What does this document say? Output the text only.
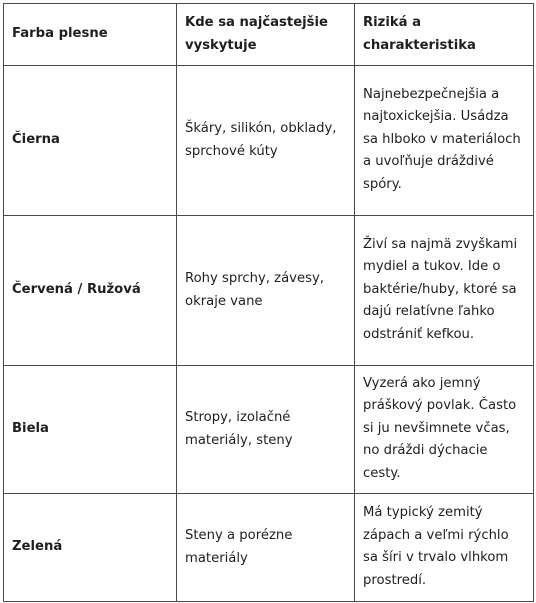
Farba plesne	Kde sa najčastejšie vyskytuje	Riziká a charakteristika
Čierna	Škáry, silikón, obklady, sprchové kúty	Najnebezpečnejšia a najtoxickejšia. Usádza sa hlboko v materiáloch a uvoľňuje dráždivé spóry.
Červená / Ružová	Rohy sprchy, závesy, okraje vane	Živí sa najmä zvyškami mydiel a tukov. Ide o baktérie/huby, ktoré sa dajú relatívne ľahko odstrániť kefkou.
Biela	Stropy, izolačné materiály, steny	Vyzerá ako jemný práškový povlak. Často si ju nevšimnete včas, no dráždi dýchacie cesty.
Zelená	Steny a porézne materiály	Má typický zemitý zápach a veľmi rýchlo sa šíri v trvalo vlhkom prostredí.
